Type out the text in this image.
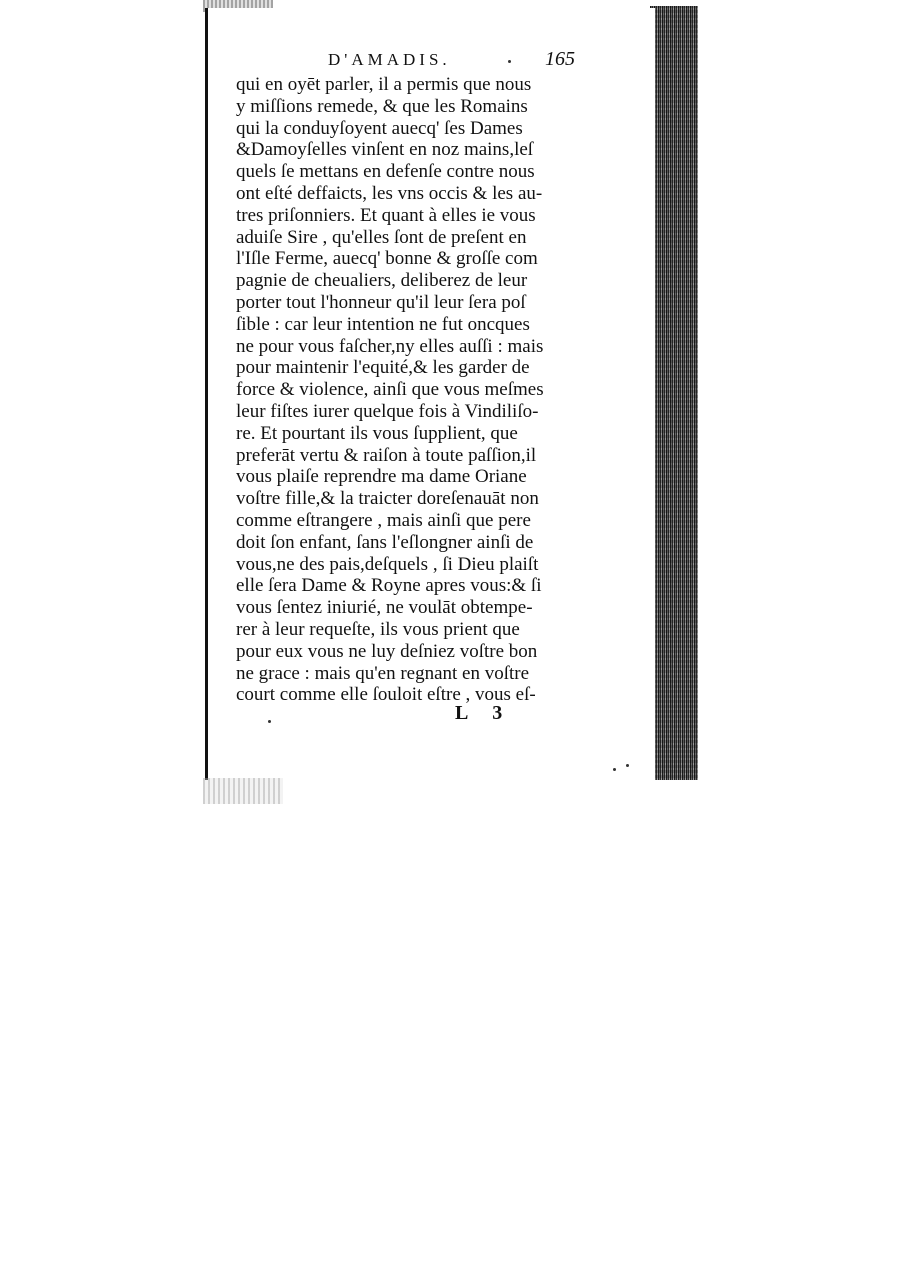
D'AMADIS.	165
qui en oyēt parler, il a permis que nous
y miſſions remede, & que les Romains
qui la conduyſoyent auecq' ſes Dames
&Damoyſelles vinſent en noz mains,leſ
quels ſe mettans en defenſe contre nous
ont eſté deffaicts, les vns occis & les au-
tres priſonniers. Et quant à elles ie vous
aduiſe Sire , qu'elles ſont de preſent en
l'Iſle Ferme, auecq' bonne & groſſe com
pagnie de cheualiers, deliberez de leur
porter tout l'honneur qu'il leur ſera poſ
ſible : car leur intention ne fut oncques
ne pour vous faſcher,ny elles auſſi : mais
pour maintenir l'equité,& les garder de
force & violence, ainſi que vous meſmes
leur fiſtes iurer quelque fois à Vindiliſo-
re. Et pourtant ils vous ſupplient, que
preferāt vertu & raiſon à toute paſſion,il
vous plaiſe reprendre ma dame Oriane
voſtre fille,& la traicter doreſenauāt non
comme eſtrangere , mais ainſi que pere
doit ſon enfant, ſans l'eſlongner ainſi de
vous,ne des pais,deſquels , ſi Dieu plaiſt
elle ſera Dame & Royne apres vous:& ſi
vous ſentez iniurié, ne voulāt obtempe-
rer à leur requeſte, ils vous prient que
pour eux vous ne luy deſniez voſtre bon
ne grace : mais qu'en regnant en voſtre
court comme elle ſouloit eſtre , vous eſ-
L 3
